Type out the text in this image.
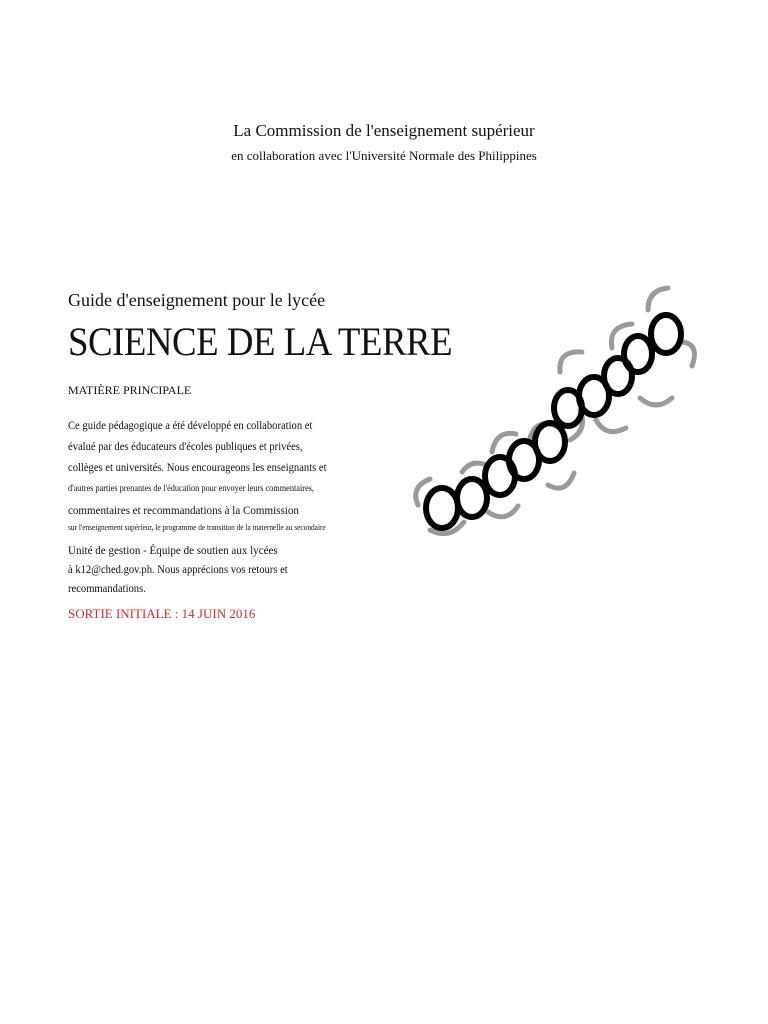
La Commission de l'enseignement supérieur
en collaboration avec l'Université Normale des Philippines
Guide d'enseignement pour le lycée
SCIENCE DE LA TERRE
MATIÈRE PRINCIPALE
Ce guide pédagogique a été développé en collaboration et
évalué par des éducateurs d'écoles publiques et privées,
collèges et universités. Nous encourageons les enseignants et
d'autres parties prenantes de l'éducation pour envoyer leurs commentaires,
commentaires et recommandations à la Commission
sur l'enseignement supérieur, le programme de transition de la maternelle au secondaire
Unité de gestion - Équipe de soutien aux lycées
à k12@ched.gov.ph. Nous apprécions vos retours et
recommandations.
SORTIE INITIALE : 14 JUIN 2016
